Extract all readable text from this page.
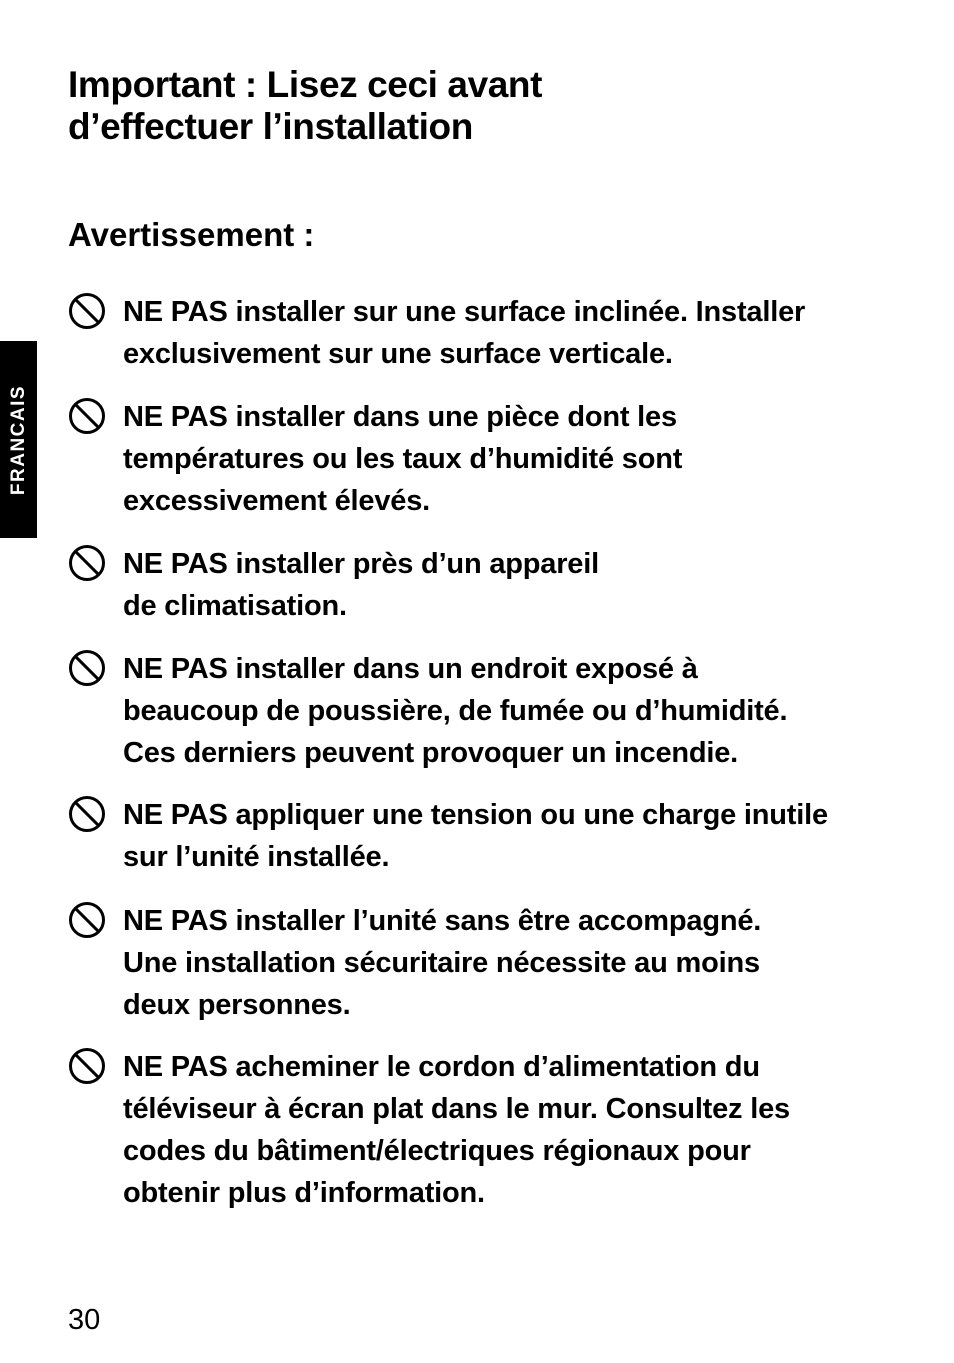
FRANCAIS
Important : Lisez ceci avant
d’effectuer l’installation
Avertissement :
NE PAS installer sur une surface inclinée. Installer
exclusivement sur une surface verticale.
NE PAS installer dans une pièce dont les
températures ou les taux d’humidité sont
excessivement élevés.
NE PAS installer près d’un appareil
de climatisation.
NE PAS installer dans un endroit exposé à
beaucoup de poussière, de fumée ou d’humidité.
Ces derniers peuvent provoquer un incendie.
NE PAS appliquer une tension ou une charge inutile
sur l’unité installée.
NE PAS installer l’unité sans être accompagné.
Une installation sécuritaire nécessite au moins
deux personnes.
NE PAS acheminer le cordon d’alimentation du
téléviseur à écran plat dans le mur. Consultez les
codes du bâtiment/électriques régionaux pour
obtenir plus d’information.
30
